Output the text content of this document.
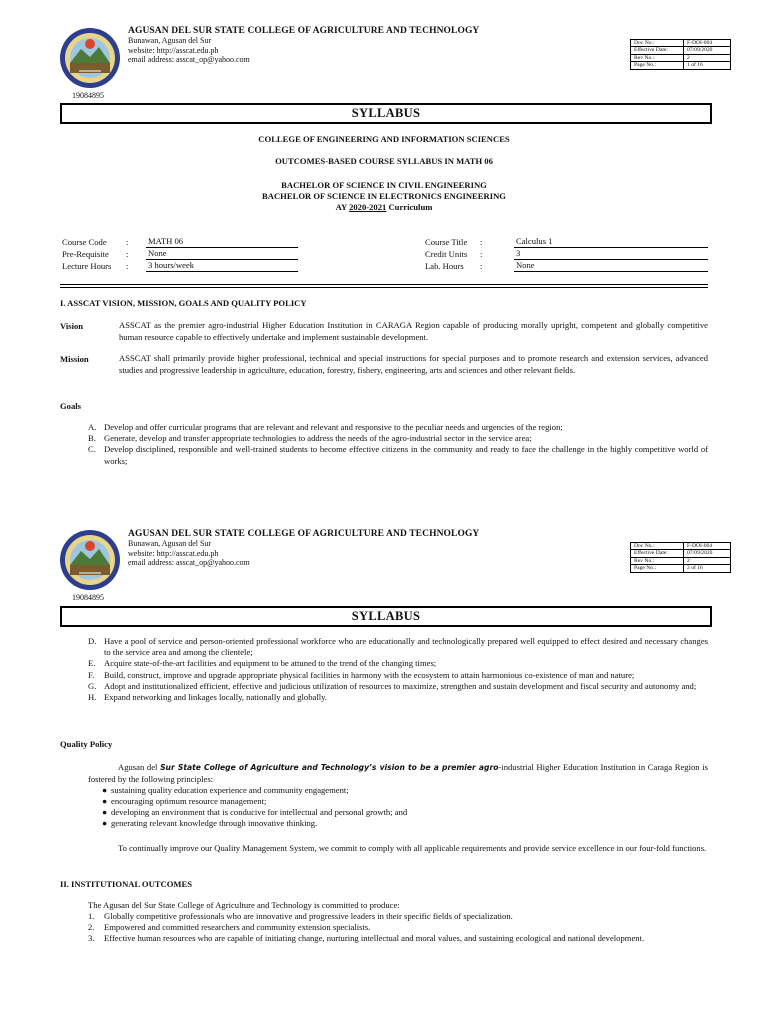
19084895
AGUSAN DEL SUR STATE COLLEGE OF AGRICULTURE AND TECHNOLOGY
Bunawan, Agusan del Sur
website: http://asscat.edu.ph
email address: asscat_op@yahoo.com
Doc No.:	F-DOI-004
Effective Date:	07/09/2020
Rev No.:	2
Page No.:	1 of 16
SYLLABUS
COLLEGE OF ENGINEERING AND INFORMATION SCIENCES
OUTCOMES-BASED COURSE SYLLABUS IN MATH 06
BACHELOR OF SCIENCE IN CIVIL ENGINEERING
BACHELOR OF SCIENCE IN ELECTRONICS ENGINEERING
AY 2020-2021 Curriculum
Course Code : MATH 06
Pre-Requisite : None
Lecture Hours : 3 hours/week
Course Title :	Calculus 1
Credit Units :	3
Lab. Hours :	None
I. ASSCAT VISION, MISSION, GOALS AND QUALITY POLICY
Vision	ASSCAT as the premier agro-industrial Higher Education Institution in CARAGA Region capable of producing morally upright, competent and globally competitive human resource capable to effectively undertake and implement sustainable development.
Mission	ASSCAT shall primarily provide higher professional, technical and special instructions for special purposes and to promote research and extension services, advanced studies and progressive leadership in agriculture, education, forestry, fishery, engineering, arts and sciences and other relevant fields.
Goals
A. Develop and offer curricular programs that are relevant and relevant and responsive to the peculiar needs and urgencies of the region;
B. Generate, develop and transfer appropriate technologies to address the needs of the agro-industrial sector in the service area;
C. Develop disciplined, responsible and well-trained students to become effective citizens in the community and ready to face the challenge in the highly competitive world of works;
19084895
AGUSAN DEL SUR STATE COLLEGE OF AGRICULTURE AND TECHNOLOGY
Bunawan, Agusan del Sur
website: http://asscat.edu.ph
email address: asscat_op@yahoo.com
Doc No.:	F-DOI-004
Effective Date:	07/09/2020
Rev No.:	2
Page No.:	2 of 16
SYLLABUS
D. Have a pool of service and person-oriented professional workforce who are educationally and technologically prepared well equipped to effect desired and necessary changes to the service area and among the clientele;
E. Acquire state-of-the-art facilities and equipment to be attuned to the trend of the changing times;
F. Build, construct, improve and upgrade appropriate physical facilities in harmony with the ecosystem to attain harmonious co-existence of man and nature;
G. Adopt and institutionalized efficient, effective and judicious utilization of resources to maximize, strengthen and sustain development and fiscal security and autonomy and;
H. Expand networking and linkages locally, nationally and globally.
Quality Policy
Agusan del Sur State College of Agriculture and Technology’s vision to be a premier agro-industrial Higher Education Institution in Caraga Region is fostered by the following principles:
● sustaining quality education experience and community engagement;
● encouraging optimum resource management;
● developing an environment that is conducive for intellectual and personal growth; and
● generating relevant knowledge through innovative thinking.
To continually improve our Quality Management System, we commit to comply with all applicable requirements and provide service excellence in our four-fold functions.
II. INSTITUTIONAL OUTCOMES
The Agusan del Sur State College of Agriculture and Technology is committed to produce:
1. Globally competitive professionals who are innovative and progressive leaders in their specific fields of specialization.
2. Empowered and committed researchers and community extension specialists.
3. Effective human resources who are capable of initiating change, nurturing intellectual and moral values, and sustaining ecological and national development.
